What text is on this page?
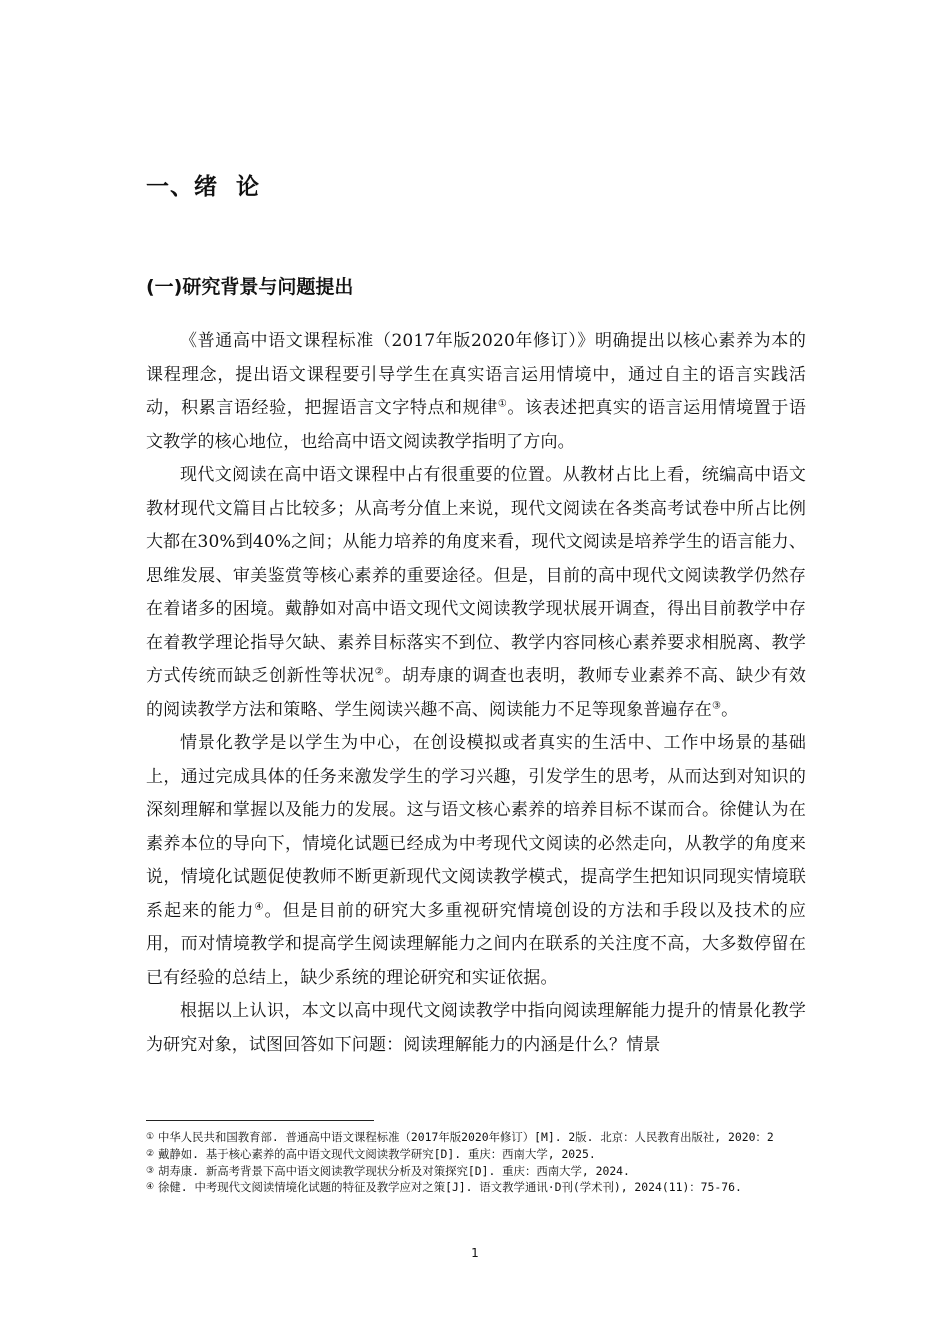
一、绪 论
(一)研究背景与问题提出

《普通高中语文课程标准（2017年版2020年修订）》明确提出以核心素养为本的课程理念，提出语文课程要引导学生在真实语言运用情境中，通过自主的语言实践活动，积累言语经验，把握语言文字特点和规律①。该表述把真实的语言运用情境置于语文教学的核心地位，也给高中语文阅读教学指明了方向。

现代文阅读在高中语文课程中占有很重要的位置。从教材占比上看，统编高中语文教材现代文篇目占比较多；从高考分值上来说，现代文阅读在各类高考试卷中所占比例大都在30%到40%之间；从能力培养的角度来看，现代文阅读是培养学生的语言能力、思维发展、审美鉴赏等核心素养的重要途径。但是，目前的高中现代文阅读教学仍然存在着诸多的困境。戴静如对高中语文现代文阅读教学现状展开调查，得出目前教学中存在着教学理论指导欠缺、素养目标落实不到位、教学内容同核心素养要求相脱离、教学方式传统而缺乏创新性等状况②。胡寿康的调查也表明，教师专业素养不高、缺少有效的阅读教学方法和策略、学生阅读兴趣不高、阅读能力不足等现象普遍存在③。

情景化教学是以学生为中心，在创设模拟或者真实的生活中、工作中场景的基础上，通过完成具体的任务来激发学生的学习兴趣，引发学生的思考，从而达到对知识的深刻理解和掌握以及能力的发展。这与语文核心素养的培养目标不谋而合。徐健认为在素养本位的导向下，情境化试题已经成为中考现代文阅读的必然走向，从教学的角度来说，情境化试题促使教师不断更新现代文阅读教学模式，提高学生把知识同现实情境联系起来的能力④。但是目前的研究大多重视研究情境创设的方法和手段以及技术的应用，而对情境教学和提高学生阅读理解能力之间内在联系的关注度不高，大多数停留在已有经验的总结上，缺少系统的理论研究和实证依据。

根据以上认识，本文以高中现代文阅读教学中指向阅读理解能力提升的情景化教学为研究对象，试图回答如下问题：阅读理解能力的内涵是什么？情景

① 中华人民共和国教育部. 普通高中语文课程标准（2017年版2020年修订）[M]. 2版. 北京：人民教育出版社, 2020：2

② 戴静如. 基于核心素养的高中语文现代文阅读教学研究[D]. 重庆：西南大学, 2025.

③ 胡寿康. 新高考背景下高中语文阅读教学现状分析及对策探究[D]. 重庆：西南大学, 2024.

④ 徐健. 中考现代文阅读情境化试题的特征及教学应对之策[J]. 语文教学通讯·D刊(学术刊), 2024(11)：75-76.

1
